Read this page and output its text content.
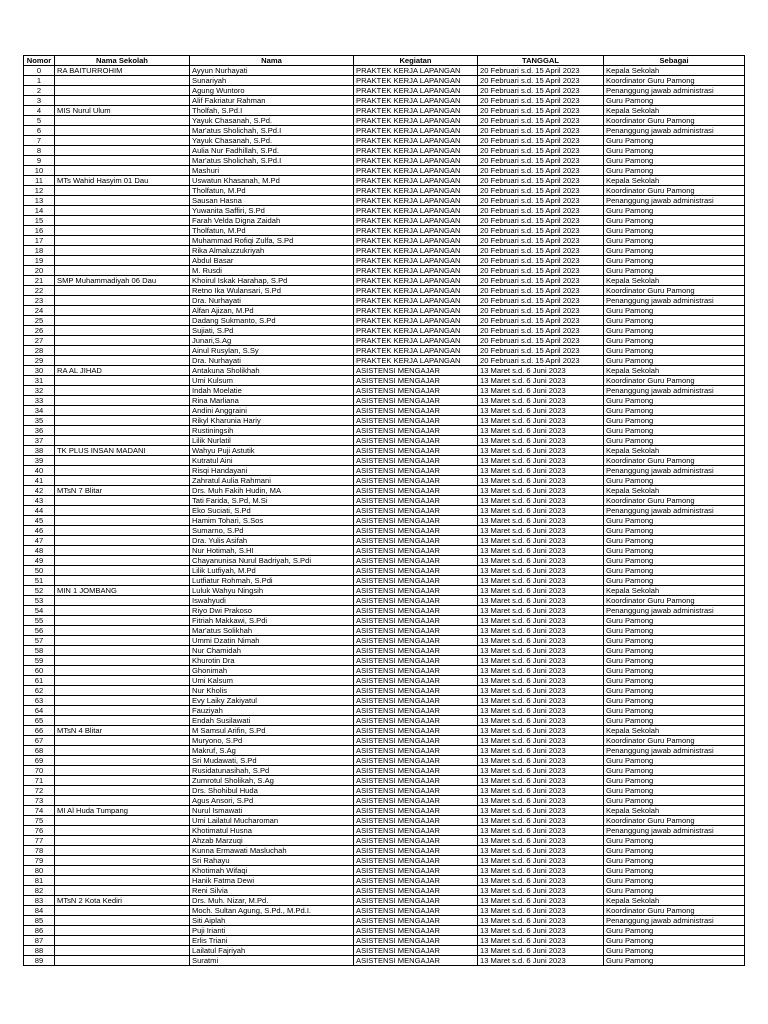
Nomor	Nama Sekolah	Nama	Kegiatan	TANGGAL	Sebagai
0	RA BAITURROHIM	Ayyun Nurhayati	PRAKTEK KERJA LAPANGAN	20 Februari s.d. 15 April 2023	Kepala Sekolah
1		Sunariyah	PRAKTEK KERJA LAPANGAN	20 Februari s.d. 15 April 2023	Koordinator Guru Pamong
2		Agung Wuntoro	PRAKTEK KERJA LAPANGAN	20 Februari s.d. 15 April 2023	Penanggung jawab administrasi
3		Alif Fakriatur Rahman	PRAKTEK KERJA LAPANGAN	20 Februari s.d. 15 April 2023	Guru Pamong
4	MIS Nurul Ulum	Tholfah, S.Pd.I	PRAKTEK KERJA LAPANGAN	20 Februari s.d. 15 April 2023	Kepala Sekolah
5		Yayuk Chasanah, S.Pd.	PRAKTEK KERJA LAPANGAN	20 Februari s.d. 15 April 2023	Koordinator Guru Pamong
6		Mar'atus Sholichah, S.Pd.I	PRAKTEK KERJA LAPANGAN	20 Februari s.d. 15 April 2023	Penanggung jawab administrasi
7		Yayuk Chasanah, S.Pd.	PRAKTEK KERJA LAPANGAN	20 Februari s.d. 15 April 2023	Guru Pamong
8		Aulia Nur Fadhillah, S.Pd.	PRAKTEK KERJA LAPANGAN	20 Februari s.d. 15 April 2023	Guru Pamong
9		Mar'atus Sholichah, S.Pd.I	PRAKTEK KERJA LAPANGAN	20 Februari s.d. 15 April 2023	Guru Pamong
10		Mashuri	PRAKTEK KERJA LAPANGAN	20 Februari s.d. 15 April 2023	Guru Pamong
11	MTs Wahid Hasyim 01 Dau	Uswatun Khasanah, M.Pd	PRAKTEK KERJA LAPANGAN	20 Februari s.d. 15 April 2023	Kepala Sekolah
12		Tholfatun, M.Pd	PRAKTEK KERJA LAPANGAN	20 Februari s.d. 15 April 2023	Koordinator Guru Pamong
13		Sausan Hasna	PRAKTEK KERJA LAPANGAN	20 Februari s.d. 15 April 2023	Penanggung jawab administrasi
14		Yuwanita Saffiri, S.Pd	PRAKTEK KERJA LAPANGAN	20 Februari s.d. 15 April 2023	Guru Pamong
15		Farah Velda Digna Zaidah	PRAKTEK KERJA LAPANGAN	20 Februari s.d. 15 April 2023	Guru Pamong
16		Tholfatun, M.Pd	PRAKTEK KERJA LAPANGAN	20 Februari s.d. 15 April 2023	Guru Pamong
17		Muhammad Rofiqi Zulfa, S.Pd	PRAKTEK KERJA LAPANGAN	20 Februari s.d. 15 April 2023	Guru Pamong
18		Rika Almaluzzukriyah	PRAKTEK KERJA LAPANGAN	20 Februari s.d. 15 April 2023	Guru Pamong
19		Abdul Basar	PRAKTEK KERJA LAPANGAN	20 Februari s.d. 15 April 2023	Guru Pamong
20		M. Rusdi	PRAKTEK KERJA LAPANGAN	20 Februari s.d. 15 April 2023	Guru Pamong
21	SMP Muhammadiyah 06 Dau	Khoirul Iskak Harahap, S.Pd	PRAKTEK KERJA LAPANGAN	20 Februari s.d. 15 April 2023	Kepala Sekolah
22		Retno Ika Wulansari, S.Pd	PRAKTEK KERJA LAPANGAN	20 Februari s.d. 15 April 2023	Koordinator Guru Pamong
23		Dra. Nurhayati	PRAKTEK KERJA LAPANGAN	20 Februari s.d. 15 April 2023	Penanggung jawab administrasi
24		Alfan Ajizan, M.Pd	PRAKTEK KERJA LAPANGAN	20 Februari s.d. 15 April 2023	Guru Pamong
25		Dadang Sukmanto, S.Pd	PRAKTEK KERJA LAPANGAN	20 Februari s.d. 15 April 2023	Guru Pamong
26		Sujiati, S.Pd	PRAKTEK KERJA LAPANGAN	20 Februari s.d. 15 April 2023	Guru Pamong
27		Junari,S.Ag	PRAKTEK KERJA LAPANGAN	20 Februari s.d. 15 April 2023	Guru Pamong
28		Ainul Rusylan, S.Sy	PRAKTEK KERJA LAPANGAN	20 Februari s.d. 15 April 2023	Guru Pamong
29		Dra. Nurhayati	PRAKTEK KERJA LAPANGAN	20 Februari s.d. 15 April 2023	Guru Pamong
30	RA AL JIHAD	Antakuna Sholikhah	ASISTENSI MENGAJAR	13 Maret s.d. 6 Juni 2023	Kepala Sekolah
31		Umi Kulsum	ASISTENSI MENGAJAR	13 Maret s.d. 6 Juni 2023	Koordinator Guru Pamong
32		Indah Moelatie	ASISTENSI MENGAJAR	13 Maret s.d. 6 Juni 2023	Penanggung jawab administrasi
33		Rina Marliana	ASISTENSI MENGAJAR	13 Maret s.d. 6 Juni 2023	Guru Pamong
34		Andini Anggraini	ASISTENSI MENGAJAR	13 Maret s.d. 6 Juni 2023	Guru Pamong
35		Rikyl Kharunia Hariy	ASISTENSI MENGAJAR	13 Maret s.d. 6 Juni 2023	Guru Pamong
36		Rustiningsih	ASISTENSI MENGAJAR	13 Maret s.d. 6 Juni 2023	Guru Pamong
37		Lilik Nurlatil	ASISTENSI MENGAJAR	13 Maret s.d. 6 Juni 2023	Guru Pamong
38	TK PLUS INSAN MADANI	Wahyu Puji Astutik	ASISTENSI MENGAJAR	13 Maret s.d. 6 Juni 2023	Kepala Sekolah
39		Kutratul Aini	ASISTENSI MENGAJAR	13 Maret s.d. 6 Juni 2023	Koordinator Guru Pamong
40		Risqi Handayani	ASISTENSI MENGAJAR	13 Maret s.d. 6 Juni 2023	Penanggung jawab administrasi
41		Zahratul Aulia Rahmani	ASISTENSI MENGAJAR	13 Maret s.d. 6 Juni 2023	Guru Pamong
42	MTsN 7 Blitar	Drs. Muh Fakih Hudin, MA	ASISTENSI MENGAJAR	13 Maret s.d. 6 Juni 2023	Kepala Sekolah
43		Tati Farida, S.Pd, M.Si	ASISTENSI MENGAJAR	13 Maret s.d. 6 Juni 2023	Koordinator Guru Pamong
44		Eko Suciati, S.Pd	ASISTENSI MENGAJAR	13 Maret s.d. 6 Juni 2023	Penanggung jawab administrasi
45		Hamim Tohari, S.Sos	ASISTENSI MENGAJAR	13 Maret s.d. 6 Juni 2023	Guru Pamong
46		Sumarno, S.Pd	ASISTENSI MENGAJAR	13 Maret s.d. 6 Juni 2023	Guru Pamong
47		Dra. Yulis Asifah	ASISTENSI MENGAJAR	13 Maret s.d. 6 Juni 2023	Guru Pamong
48		Nur Hotimah, S.HI	ASISTENSI MENGAJAR	13 Maret s.d. 6 Juni 2023	Guru Pamong
49		Chayanunisa Nurul Badriyah, S.Pdi	ASISTENSI MENGAJAR	13 Maret s.d. 6 Juni 2023	Guru Pamong
50		Lilik Lutfiyah, M.Pd	ASISTENSI MENGAJAR	13 Maret s.d. 6 Juni 2023	Guru Pamong
51		Lutfiatur Rohmah, S.Pdi	ASISTENSI MENGAJAR	13 Maret s.d. 6 Juni 2023	Guru Pamong
52	MIN 1 JOMBANG	Luluk Wahyu Ningsih	ASISTENSI MENGAJAR	13 Maret s.d. 6 Juni 2023	Kepala Sekolah
53		Iswahyudi	ASISTENSI MENGAJAR	13 Maret s.d. 6 Juni 2023	Koordinator Guru Pamong
54		Riyo Dwi Prakoso	ASISTENSI MENGAJAR	13 Maret s.d. 6 Juni 2023	Penanggung jawab administrasi
55		Fitriah Makkawi, S.Pdi	ASISTENSI MENGAJAR	13 Maret s.d. 6 Juni 2023	Guru Pamong
56		Mar'atus Solikhah	ASISTENSI MENGAJAR	13 Maret s.d. 6 Juni 2023	Guru Pamong
57		Ummi Dzatin Nimah	ASISTENSI MENGAJAR	13 Maret s.d. 6 Juni 2023	Guru Pamong
58		Nur Chamidah	ASISTENSI MENGAJAR	13 Maret s.d. 6 Juni 2023	Guru Pamong
59		Khurotin Dra	ASISTENSI MENGAJAR	13 Maret s.d. 6 Juni 2023	Guru Pamong
60		Ghonimah	ASISTENSI MENGAJAR	13 Maret s.d. 6 Juni 2023	Guru Pamong
61		Umi Kalsum	ASISTENSI MENGAJAR	13 Maret s.d. 6 Juni 2023	Guru Pamong
62		Nur Kholis	ASISTENSI MENGAJAR	13 Maret s.d. 6 Juni 2023	Guru Pamong
63		Evy Laiky Zakiyatul	ASISTENSI MENGAJAR	13 Maret s.d. 6 Juni 2023	Guru Pamong
64		Fauziyah	ASISTENSI MENGAJAR	13 Maret s.d. 6 Juni 2023	Guru Pamong
65		Endah Susilawati	ASISTENSI MENGAJAR	13 Maret s.d. 6 Juni 2023	Guru Pamong
66	MTsN 4 Blitar	M Samsul Arifin, S.Pd	ASISTENSI MENGAJAR	13 Maret s.d. 6 Juni 2023	Kepala Sekolah
67		Muryono, S.Pd	ASISTENSI MENGAJAR	13 Maret s.d. 6 Juni 2023	Koordinator Guru Pamong
68		Makruf, S.Ag	ASISTENSI MENGAJAR	13 Maret s.d. 6 Juni 2023	Penanggung jawab administrasi
69		Sri Mudawati, S.Pd	ASISTENSI MENGAJAR	13 Maret s.d. 6 Juni 2023	Guru Pamong
70		Rusidatunasihah, S.Pd	ASISTENSI MENGAJAR	13 Maret s.d. 6 Juni 2023	Guru Pamong
71		Zumrotul Sholikah, S.Ag	ASISTENSI MENGAJAR	13 Maret s.d. 6 Juni 2023	Guru Pamong
72		Drs. Shohibul Huda	ASISTENSI MENGAJAR	13 Maret s.d. 6 Juni 2023	Guru Pamong
73		Agus Ansori, S.Pd	ASISTENSI MENGAJAR	13 Maret s.d. 6 Juni 2023	Guru Pamong
74	MI Al Huda Tumpang	Nurul Ismawati	ASISTENSI MENGAJAR	13 Maret s.d. 6 Juni 2023	Kepala Sekolah
75		Umi Lailatul Mucharoman	ASISTENSI MENGAJAR	13 Maret s.d. 6 Juni 2023	Koordinator Guru Pamong
76		Khotimatul Husna	ASISTENSI MENGAJAR	13 Maret s.d. 6 Juni 2023	Penanggung jawab administrasi
77		Ahzab Marzuqi	ASISTENSI MENGAJAR	13 Maret s.d. 6 Juni 2023	Guru Pamong
78		Kunna Ermawati Masluchah	ASISTENSI MENGAJAR	13 Maret s.d. 6 Juni 2023	Guru Pamong
79		Sri Rahayu	ASISTENSI MENGAJAR	13 Maret s.d. 6 Juni 2023	Guru Pamong
80		Khotimah Wifaqi	ASISTENSI MENGAJAR	13 Maret s.d. 6 Juni 2023	Guru Pamong
81		Hanik Fatma Dewi	ASISTENSI MENGAJAR	13 Maret s.d. 6 Juni 2023	Guru Pamong
82		Reni Silvia	ASISTENSI MENGAJAR	13 Maret s.d. 6 Juni 2023	Guru Pamong
83	MTsN 2 Kota Kediri	Drs. Muh. Nizar, M.Pd.	ASISTENSI MENGAJAR	13 Maret s.d. 6 Juni 2023	Kepala Sekolah
84		Moch. Sultan Agung, S.Pd., M.Pd.I.	ASISTENSI MENGAJAR	13 Maret s.d. 6 Juni 2023	Koordinator Guru Pamong
85		Siti Aiplah	ASISTENSI MENGAJAR	13 Maret s.d. 6 Juni 2023	Penanggung jawab administrasi
86		Puji Irianti	ASISTENSI MENGAJAR	13 Maret s.d. 6 Juni 2023	Guru Pamong
87		Erlis Triani	ASISTENSI MENGAJAR	13 Maret s.d. 6 Juni 2023	Guru Pamong
88		Lailatul Fajriyah	ASISTENSI MENGAJAR	13 Maret s.d. 6 Juni 2023	Guru Pamong
89		Suratmi	ASISTENSI MENGAJAR	13 Maret s.d. 6 Juni 2023	Guru Pamong
